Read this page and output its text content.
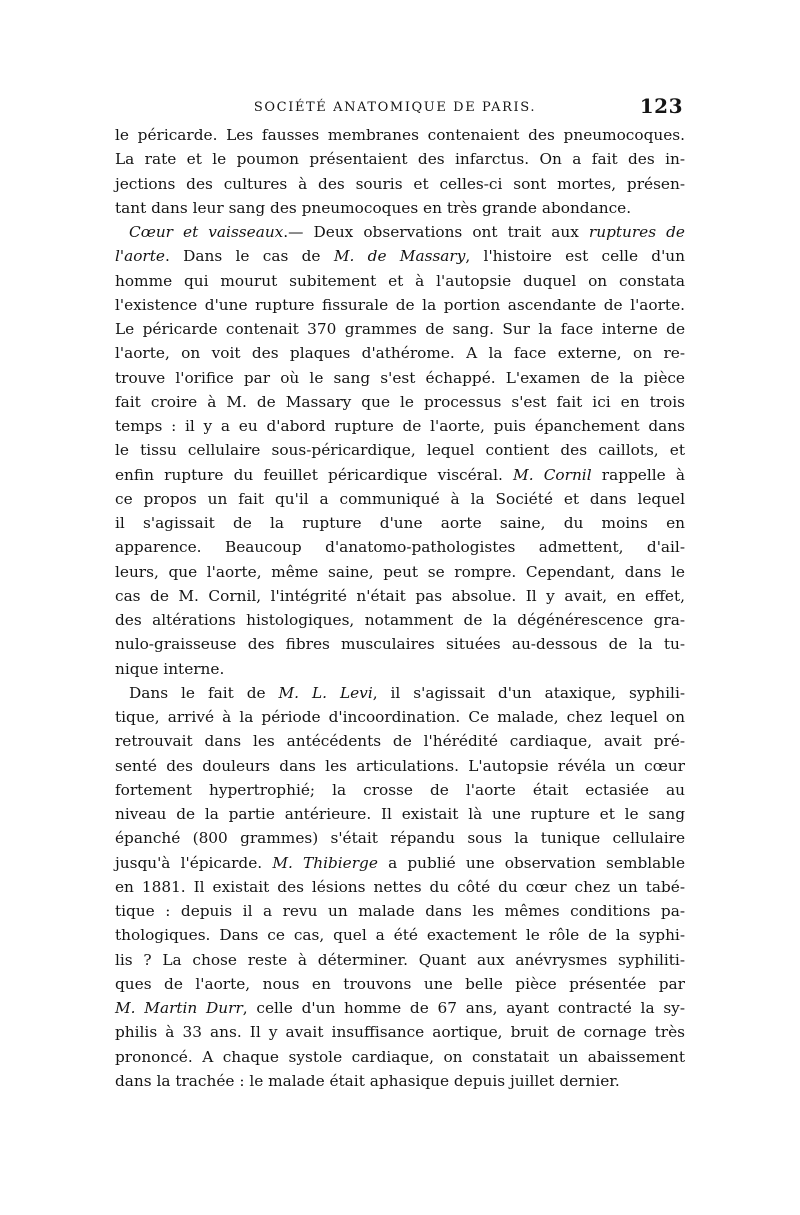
SOCIÉTÉ ANATOMIQUE DE PARIS.	123
le péricarde. Les fausses membranes contenaient des pneumocoques.
La rate et le poumon présentaient des infarctus. On a fait des in-
jections des cultures à des souris et celles-ci sont mortes, présen-
tant dans leur sang des pneumocoques en très grande abondance.
Cœur et vaisseaux.— Deux observations ont trait aux ruptures de
l'aorte. Dans le cas de M. de Massary, l'histoire est celle d'un
homme qui mourut subitement et à l'autopsie duquel on constata
l'existence d'une rupture fissurale de la portion ascendante de l'aorte.
Le péricarde contenait 370 grammes de sang. Sur la face interne de
l'aorte, on voit des plaques d'athérome. A la face externe, on re-
trouve l'orifice par où le sang s'est échappé. L'examen de la pièce
fait croire à M. de Massary que le processus s'est fait ici en trois
temps : il y a eu d'abord rupture de l'aorte, puis épanchement dans
le tissu cellulaire sous-péricardique, lequel contient des caillots, et
enfin rupture du feuillet péricardique viscéral. M. Cornil rappelle à
ce propos un fait qu'il a communiqué à la Société et dans lequel
il s'agissait de la rupture d'une aorte saine, du moins en
apparence. Beaucoup d'anatomo-pathologistes admettent, d'ail-
leurs, que l'aorte, même saine, peut se rompre. Cependant, dans le
cas de M. Cornil, l'intégrité n'était pas absolue. Il y avait, en effet,
des altérations histologiques, notamment de la dégénérescence gra-
nulo-graisseuse des fibres musculaires situées au-dessous de la tu-
nique interne.
Dans le fait de M. L. Levi, il s'agissait d'un ataxique, syphili-
tique, arrivé à la période d'incoordination. Ce malade, chez lequel on
retrouvait dans les antécédents de l'hérédité cardiaque, avait pré-
senté des douleurs dans les articulations. L'autopsie révéla un cœur
fortement hypertrophié; la crosse de l'aorte était ectasiée au
niveau de la partie antérieure. Il existait là une rupture et le sang
épanché (800 grammes) s'était répandu sous la tunique cellulaire
jusqu'à l'épicarde. M. Thibierge a publié une observation semblable
en 1881. Il existait des lésions nettes du côté du cœur chez un tabé-
tique : depuis il a revu un malade dans les mêmes conditions pa-
thologiques. Dans ce cas, quel a été exactement le rôle de la syphi-
lis ? La chose reste à déterminer. Quant aux anévrysmes syphiliti-
ques de l'aorte, nous en trouvons une belle pièce présentée par
M. Martin Durr, celle d'un homme de 67 ans, ayant contracté la sy-
philis à 33 ans. Il y avait insuffisance aortique, bruit de cornage très
prononcé. A chaque systole cardiaque, on constatait un abaissement
dans la trachée : le malade était aphasique depuis juillet dernier.
